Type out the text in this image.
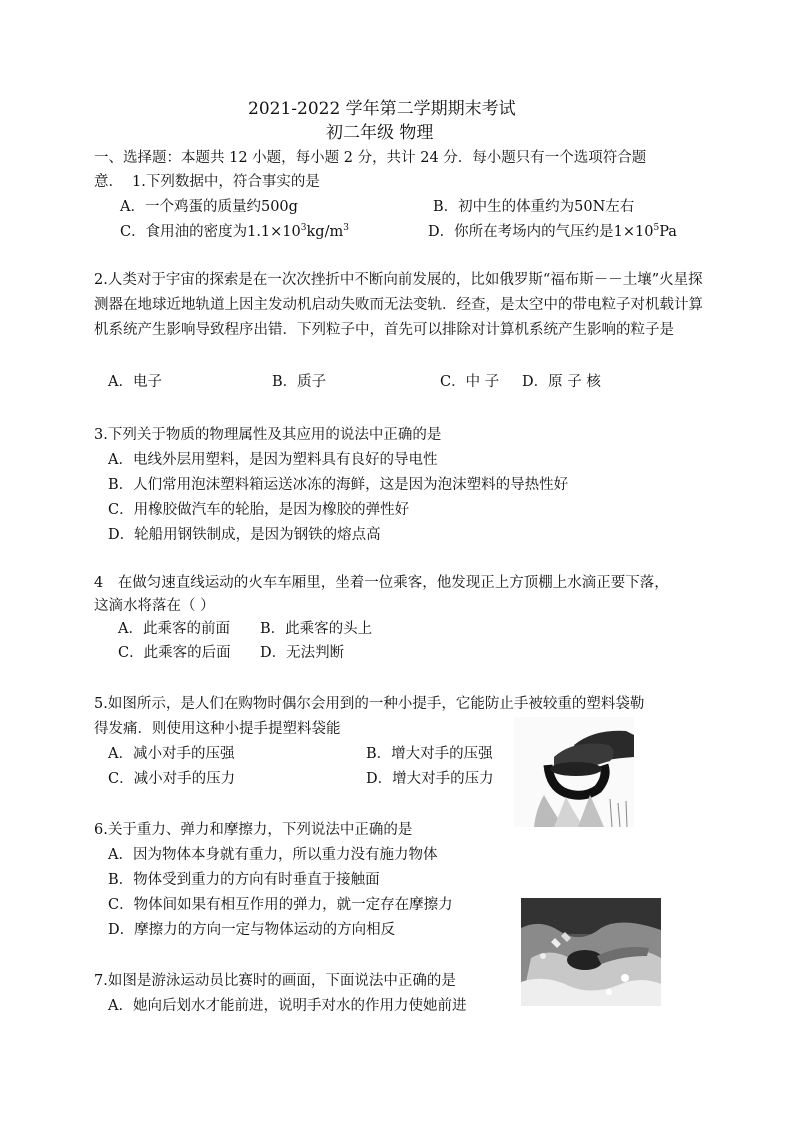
2021-2022 学年第二学期期末考试
初二年级 物理
一、选择题：本题共 12 小题，每小题 2 分，共计 24 分．每小题只有一个选项符合题
意． 1.下列数据中，符合事实的是
A．一个鸡蛋的质量约500g	B．初中生的体重约为50N左右
C．食用油的密度为$1.1\times 10^3kg/m^3$	D．你所在考场内的气压约是$1\times 10^5Pa$
2.人类对于宇宙的探索是在一次次挫折中不断向前发展的，比如俄罗斯“福布斯－－土壤”火星探测器在地球近地轨道上因主发动机启动失败而无法变轨．经查，是太空中的带电粒子对机载计算机系统产生影响导致程序出错．下列粒子中，首先可以排除对计算机系统产生影响的粒子是
A．电子	B．质子	C．中 子 D．原 子 核
3.下列关于物质的物理属性及其应用的说法中正确的是
A．电线外层用塑料，是因为塑料具有良好的导电性
B．人们常用泡沫塑料箱运送冰冻的海鲜，这是因为泡沫塑料的导热性好
C．用橡胶做汽车的轮胎，是因为橡胶的弹性好
D．轮船用钢铁制成，是因为钢铁的熔点高
4　在做匀速直线运动的火车车厢里，坐着一位乘客，他发现正上方顶棚上水滴正要下落，
这滴水将落在（ ）
A．此乘客的前面 B．此乘客的头上
C．此乘客的后面 D．无法判断
5.如图所示，是人们在购物时偶尔会用到的一种小提手，它能防止手被较重的塑料袋勒
得发痛．则使用这种小提手提塑料袋能
A．减小对手的压强	B．增大对手的压强
C．减小对手的压力	D．增大对手的压力
6.关于重力、弹力和摩擦力，下列说法中正确的是
A．因为物体本身就有重力，所以重力没有施力物体
B．物体受到重力的方向有时垂直于接触面
C．物体间如果有相互作用的弹力，就一定存在摩擦力
D．摩擦力的方向一定与物体运动的方向相反
7.如图是游泳运动员比赛时的画面，下面说法中正确的是
A．她向后划水才能前进，说明手对水的作用力使她前进
